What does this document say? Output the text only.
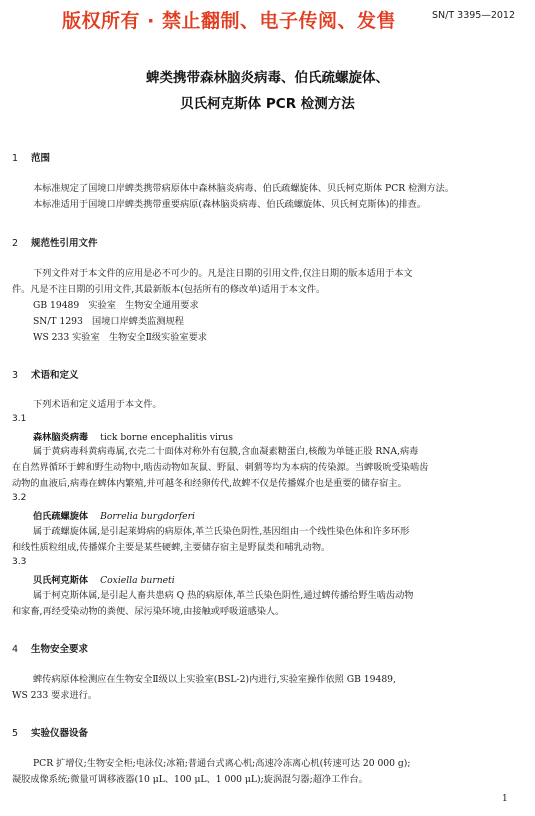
版权所有 · 禁止翻制、电子传阅、发售	SN/T 3395—2012
蜱类携带森林脑炎病毒、伯氏疏螺旋体、
贝氏柯克斯体 PCR 检测方法
1 范围
本标准规定了国境口岸蜱类携带病原体中森林脑炎病毒、伯氏疏螺旋体、贝氏柯克斯体 PCR 检测方法。
本标准适用于国境口岸蜱类携带重要病原(森林脑炎病毒、伯氏疏螺旋体、贝氏柯克斯体)的排查。
2 规范性引用文件
下列文件对于本文件的应用是必不可少的。凡是注日期的引用文件,仅注日期的版本适用于本文
件。凡是不注日期的引用文件,其最新版本(包括所有的修改单)适用于本文件。
GB 19489　实验室　生物安全通用要求
SN/T 1293　国境口岸蜱类监测规程
WS 233 实验室　生物安全Ⅱ级实验室要求
3 术语和定义
下列术语和定义适用于本文件。
3.1
森林脑炎病毒 tick borne encephalitis virus
属于黄病毒科黄病毒属,衣壳二十面体对称外有包膜,含血凝素糖蛋白,核酸为单链正股 RNA,病毒
在自然界循环于蜱和野生动物中,啮齿动物如灰鼠、野鼠、刺猬等均为本病的传染源。当蜱吸吮受染啮齿
动物的血液后,病毒在蜱体内繁殖,并可越冬和经卵传代,故蜱不仅是传播媒介也是重要的储存宿主。
3.2
伯氏疏螺旋体 Borrelia burgdorferi
属于疏螺旋体属,是引起莱姆病的病原体,革兰氏染色阴性,基因组由一个线性染色体和许多环形
和线性质粒组成,传播媒介主要是某些硬蜱,主要储存宿主是野鼠类和哺乳动物。
3.3
贝氏柯克斯体 Coxiella burneti
属于柯克斯体属,是引起人畜共患病 Q 热的病原体,革兰氏染色阴性,通过蜱传播给野生啮齿动物
和家畜,再经受染动物的粪便、尿污染环境,由接触或呼吸道感染人。
4 生物安全要求
蜱传病原体检测应在生物安全Ⅱ级以上实验室(BSL-2)内进行,实验室操作依照 GB 19489,
WS 233 要求进行。
5 实验仪器设备
PCR 扩增仪;生物安全柜;电泳仪;冰箱;普通台式离心机;高速冷冻离心机(转速可达 20 000 g);
凝胶成像系统;微量可调移液器(10 μL、100 μL、1 000 μL);旋涡混匀器;超净工作台。
1
